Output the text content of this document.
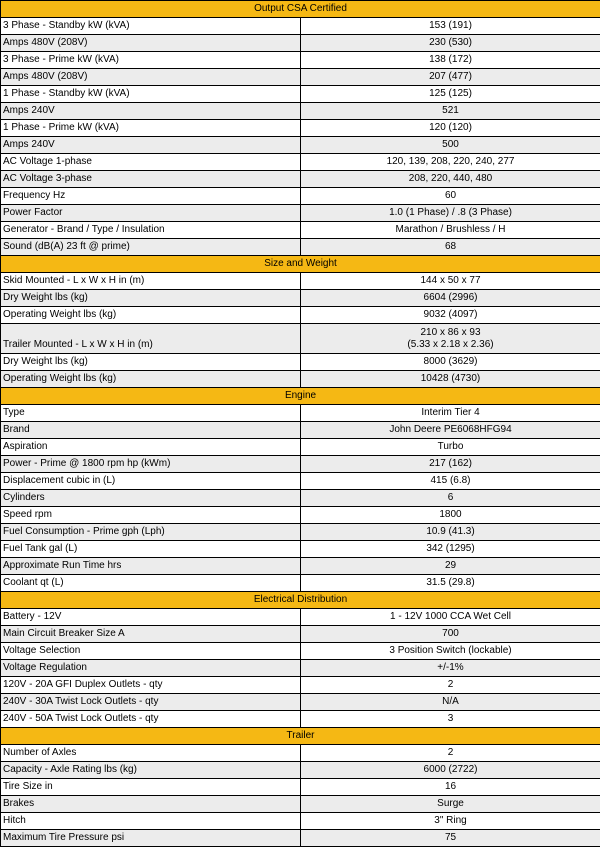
Output CSA Certified	
3 Phase - Standby kW (kVA)	153 (191)
Amps 480V (208V)	230 (530)
3 Phase - Prime kW (kVA)	138 (172)
Amps 480V (208V)	207 (477)
1 Phase - Standby kW (kVA)	125 (125)
Amps 240V	521
1 Phase - Prime kW (kVA)	120 (120)
Amps 240V	500
AC Voltage 1-phase	120, 139, 208, 220, 240, 277
AC Voltage 3-phase	208, 220, 440, 480
Frequency Hz	60
Power Factor	1.0 (1 Phase) / .8 (3 Phase)
Generator - Brand / Type / Insulation	Marathon / Brushless / H
Sound (dB(A) 23 ft @ prime)	68
Size and Weight	
Skid Mounted - L x W x H in (m)	144 x 50 x 77
Dry Weight lbs (kg)	6604 (2996)
Operating Weight lbs (kg)	9032 (4097)
Trailer Mounted - L x W x H in (m)	210 x 86 x 93
(5.33 x 2.18 x 2.36)

Dry Weight lbs (kg)	8000 (3629)
Operating Weight lbs (kg)	10428 (4730)
Engine	
Type	Interim Tier 4
Brand	John Deere PE6068HFG94
Aspiration	Turbo
Power - Prime @ 1800 rpm hp (kWm)	217 (162)
Displacement cubic in (L)	415 (6.8)
Cylinders	6
Speed rpm	1800
Fuel Consumption - Prime gph (Lph)	10.9 (41.3)
Fuel Tank gal (L)	342 (1295)
Approximate Run Time hrs	29
Coolant qt (L)	31.5 (29.8)
Electrical Distribution	
Battery - 12V	1 - 12V 1000 CCA Wet Cell
Main Circuit Breaker Size A	700
Voltage Selection	3 Position Switch (lockable)
Voltage Regulation	+/-1%
120V - 20A GFI Duplex Outlets - qty	2
240V - 30A Twist Lock Outlets - qty	N/A
240V - 50A Twist Lock Outlets - qty	3
Trailer	
Number of Axles	2
Capacity - Axle Rating lbs (kg)	6000 (2722)
Tire Size in	16
Brakes	Surge
Hitch	3" Ring
Maximum Tire Pressure psi	75
